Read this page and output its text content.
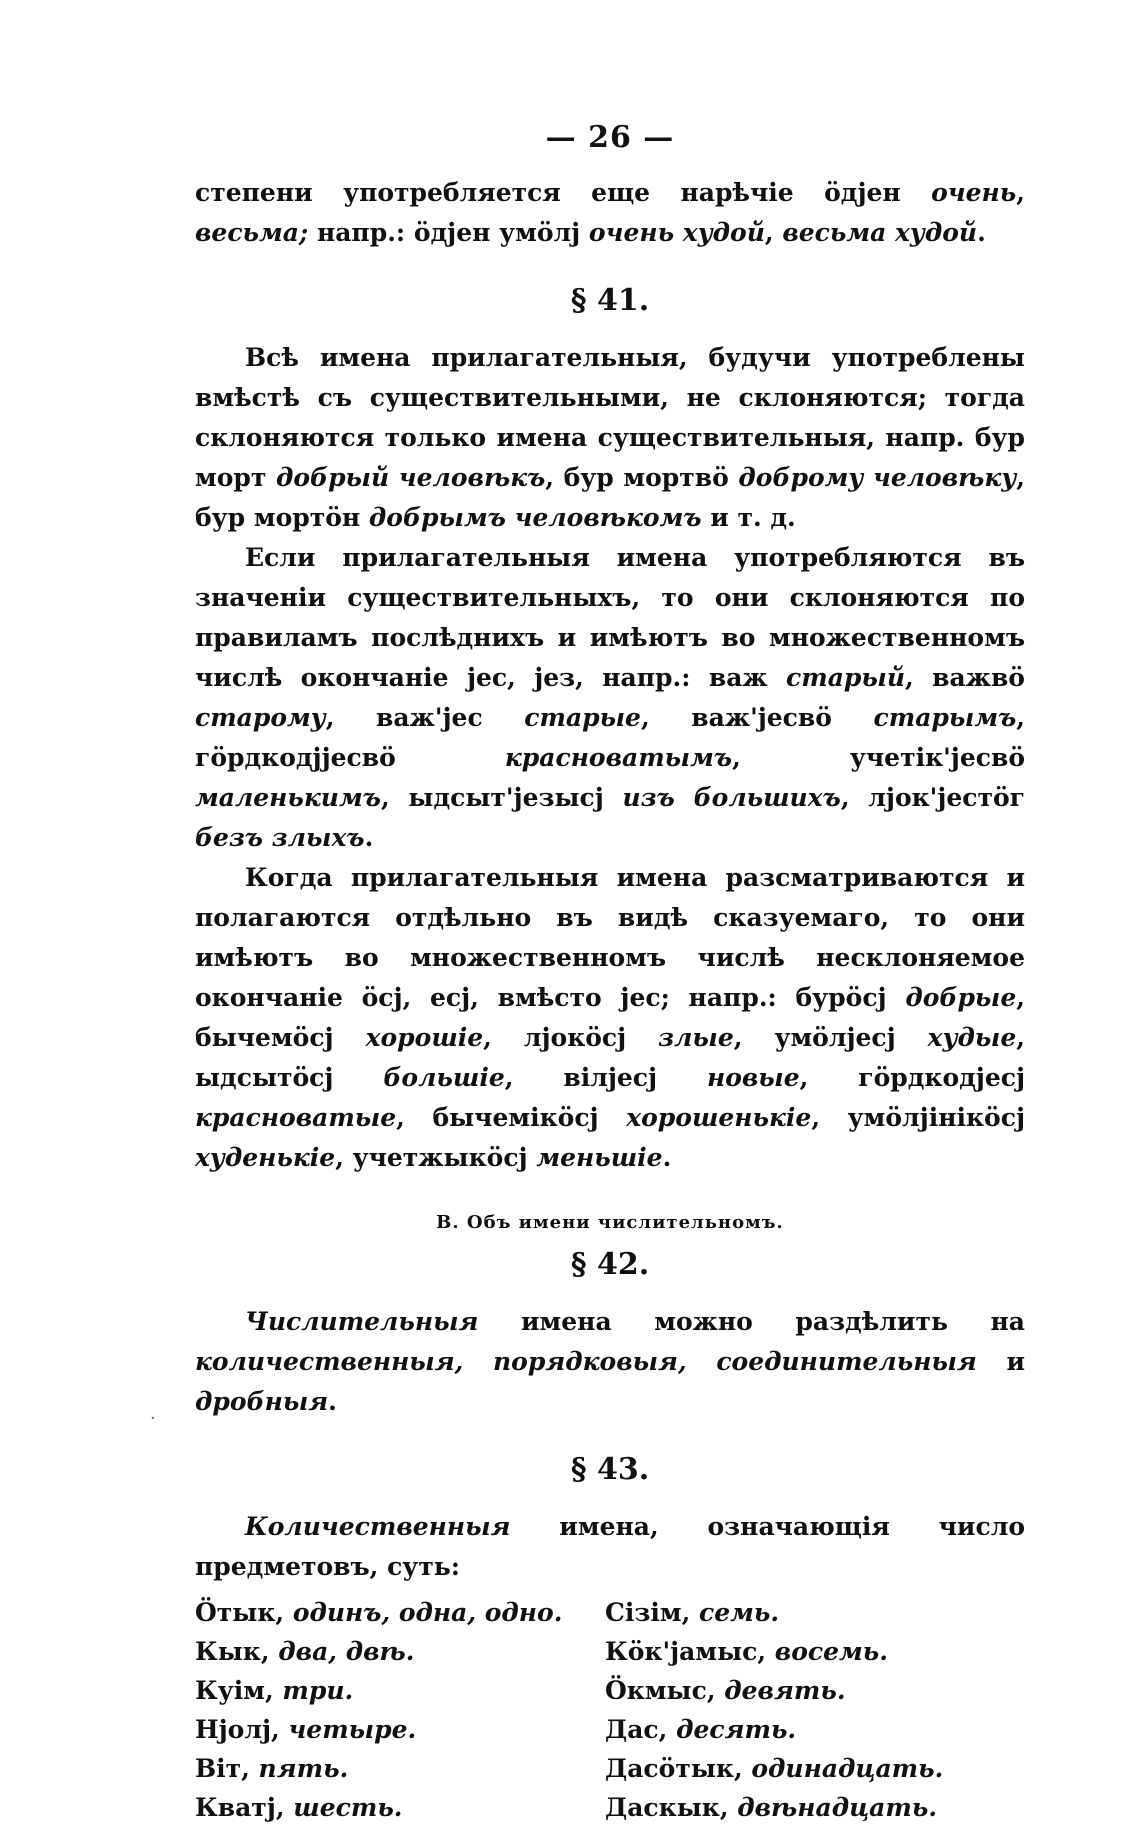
— 26 —

степени употребляется еще нарѣчіе ӧдјен очень, весьма; напр.: ӧдјен умӧлј очень худой, весьма худой.

§ 41.

Всѣ имена прилагательныя, будучи употреблены вмѣстѣ съ существительными, не склоняются; тогда склоняются только имена существительныя, напр. бур морт добрый человѣкъ, бур мортвӧ доброму человѣку, бур мортӧн добрымъ человѣкомъ и т. д.

Если прилагательныя имена употребляются въ значеніи существительныхъ, то они склоняются по прaвиламъ послѣднихъ и имѣютъ во множественномъ числѣ окончаніе јес, јез, напр.: важ старый, важвӧ старому, важ'јес старые, важ'јесвӧ старымъ, гӧрдкодјјесвӧ красноватымъ, учетік'јесвӧ маленькимъ, ыдсыт'језысј изъ большихъ, лјок'јестӧг безъ злыхъ.

Когда прилагательныя имена разсматриваются и полагаются отдѣльно въ видѣ сказуемаго, то они имѣютъ во множественномъ числѣ несклоняемое окончаніе ӧсј, есј, вмѣсто јес; напр.: бурӧсј добрые, бычемӧсј хорошіе, лјокӧсј злые, умӧлјесј худые, ыдсытӧсј большіе, вілјесј новые, гӧрдкодјесј красноватые, бычемікӧсј хорошенькіе, умӧлјінікӧсј худенькіе, учетжыкӧсј меньшіе.

В. Объ имени числительномъ.
§ 42.

Числительныя имена можно раздѣлить на количественныя, порядковыя, соединительныя и дробныя.

§ 43.

Количественныя имена, означающія число предметовъ, суть:

Ӧтык, одинъ, одна, одно.	Сізім, семь.
Кык, два, двѣ.	Кӧк'јамыс, восемь.
Куім, три.	Ӧкмыс, девять.
Нјолј, четыре.	Дас, десять.
Віт, пять.	Дасӧтык, одинадцать.
Кватј, шесть.	Даскык, двѣнадцать.
·
